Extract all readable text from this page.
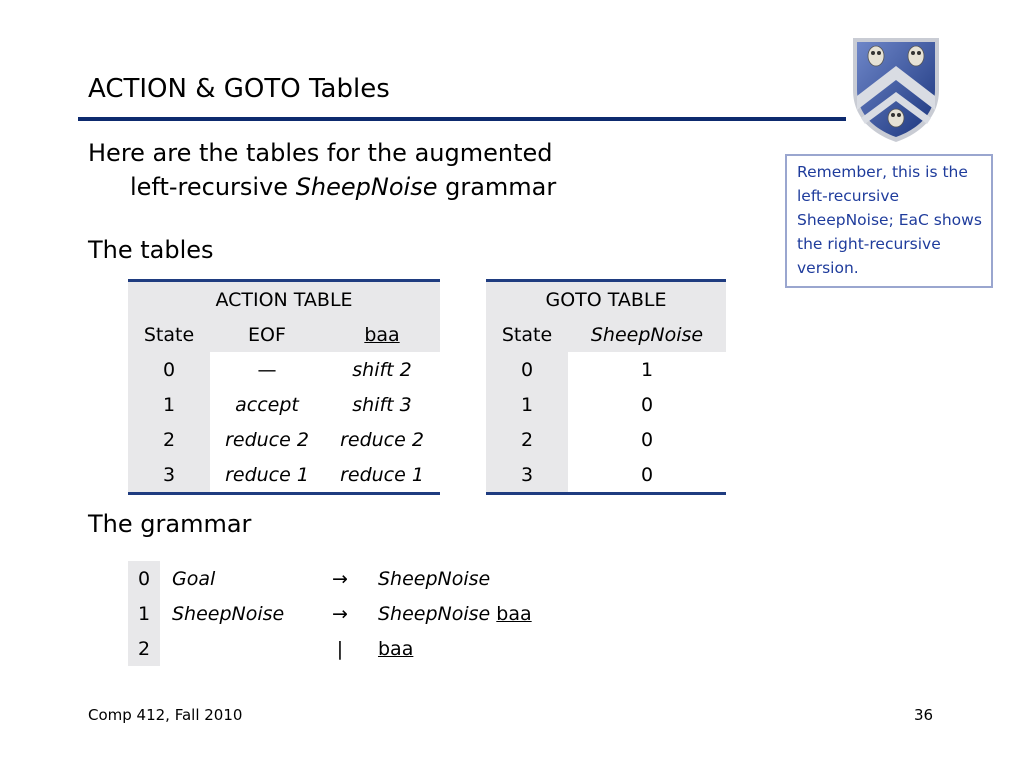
ACTION & GOTO Tables
Here are the tables for the augmented
left-recursive SheepNoise grammar
Remember, this is the left-recursive SheepNoise; EaC shows the right-recursive version.
The tables
ACTION TABLE		
State	EOF	baa
0	—	shift 2
1	accept	shift 3
2	reduce 2	reduce 2
3	reduce 1	reduce 1
GOTO TABLE	
State	SheepNoise
0	1
1	0
2	0
3	0
The grammar
0	Goal	→	SheepNoise
1	SheepNoise	→	SheepNoise baa
2		|	baa
Comp 412, Fall 2010	36
